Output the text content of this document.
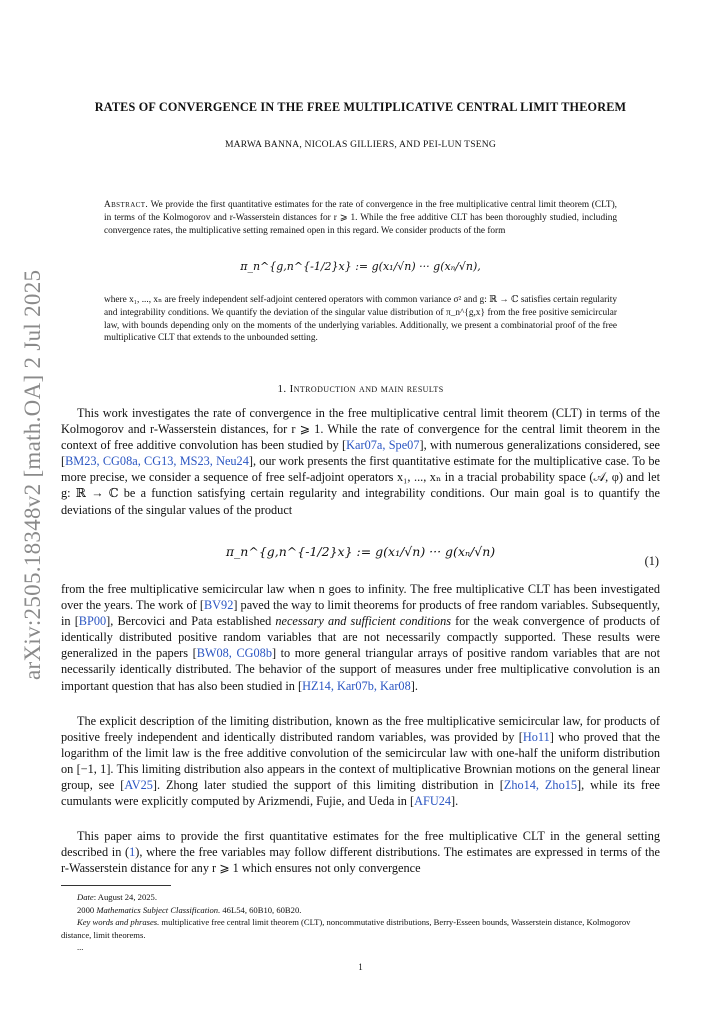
arXiv:2505.18348v2 [math.OA] 2 Jul 2025
RATES OF CONVERGENCE IN THE FREE MULTIPLICATIVE CENTRAL LIMIT THEOREM
MARWA BANNA, NICOLAS GILLIERS, AND PEI-LUN TSENG
Abstract. We provide the first quantitative estimates for the rate of convergence in the free multiplicative central limit theorem (CLT), in terms of the Kolmogorov and r-Wasserstein distances for r ⩾ 1. While the free additive CLT has been thoroughly studied, including convergence rates, the multiplicative setting remained open in this regard. We consider products of the form
π_n^{g,n^{-1/2}x} := g(x₁/√n) ··· g(xₙ/√n),
where x₁, ..., xₙ are freely independent self-adjoint centered operators with common variance σ² and g: ℝ → ℂ satisfies certain regularity and integrability conditions. We quantify the deviation of the singular value distribution of π_n^{g,x} from the free positive semicircular law, with bounds depending only on the moments of the underlying variables. Additionally, we present a combinatorial proof of the free multiplicative CLT that extends to the unbounded setting.
1. Introduction and main results
This work investigates the rate of convergence in the free multiplicative central limit theorem (CLT) in terms of the Kolmogorov and r-Wasserstein distances, for r ⩾ 1. While the rate of convergence for the central limit theorem in the context of free additive convolution has been studied by [Kar07a, Spe07], with numerous generalizations considered, see [BM23, CG08a, CG13, MS23, Neu24], our work presents the first quantitative estimate for the multiplicative case. To be more precise, we consider a sequence of free self-adjoint operators x₁, ..., xₙ in a tracial probability space (𝒜, φ) and let g: ℝ → ℂ be a function satisfying certain regularity and integrability conditions. Our main goal is to quantify the deviations of the singular values of the product
π_n^{g,n^{-1/2}x} := g(x₁/√n) ··· g(xₙ/√n)
(1)
from the free multiplicative semicircular law when n goes to infinity. The free multiplicative CLT has been investigated over the years. The work of [BV92] paved the way to limit theorems for products of free random variables. Subsequently, in [BP00], Bercovici and Pata established necessary and sufficient conditions for the weak convergence of products of identically distributed positive random variables that are not necessarily compactly supported. These results were generalized in the papers [BW08, CG08b] to more general triangular arrays of positive random variables that are not necessarily identically distributed. The behavior of the support of measures under free multiplicative convolution is an important question that has also been studied in [HZ14, Kar07b, Kar08].
The explicit description of the limiting distribution, known as the free multiplicative semicircular law, for products of positive freely independent and identically distributed random variables, was provided by [Ho11] who proved that the logarithm of the limit law is the free additive convolution of the semicircular law with one-half the uniform distribution on [−1, 1]. This limiting distribution also appears in the context of multiplicative Brownian motions on the general linear group, see [AV25]. Zhong later studied the support of this limiting distribution in [Zho14, Zho15], while its free cumulants were explicitly computed by Arizmendi, Fujie, and Ueda in [AFU24].
This paper aims to provide the first quantitative estimates for the free multiplicative CLT in the general setting described in (1), where the free variables may follow different distributions. The estimates are expressed in terms of the r-Wasserstein distance for any r ⩾ 1 which ensures not only convergence

Date: August 24, 2025.

2000 Mathematics Subject Classification. 46L54, 60B10, 60B20.

Key words and phrases. multiplicative free central limit theorem (CLT), noncommutative distributions, Berry-Esseen bounds, Wasserstein distance, Kolmogorov distance, limit theorems.

...

1
